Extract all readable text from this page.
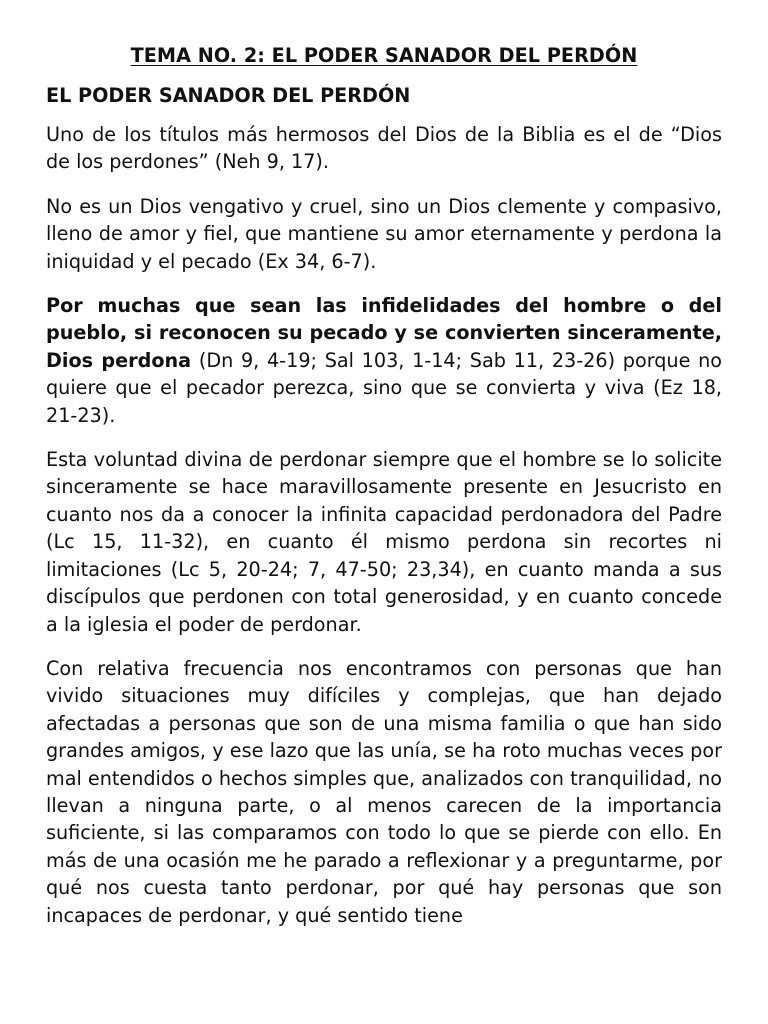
TEMA NO. 2: EL PODER SANADOR DEL PERDÓN
EL PODER SANADOR DEL PERDÓN

Uno de los títulos más hermosos del Dios de la Biblia es el de “Dios de los perdones” (Neh 9, 17).

No es un Dios vengativo y cruel, sino un Dios clemente y compasivo, lleno de amor y fiel, que mantiene su amor eternamente y perdona la iniquidad y el pecado (Ex 34, 6-7).

Por muchas que sean las infidelidades del hombre o del pueblo, si reconocen su pecado y se convierten sinceramente, Dios perdona (Dn 9, 4-19; Sal 103, 1-14; Sab 11, 23-26) porque no quiere que el pecador perezca, sino que se convierta y viva (Ez 18, 21-23).

Esta voluntad divina de perdonar siempre que el hombre se lo solicite sinceramente se hace maravillosamente presente en Jesucristo en cuanto nos da a conocer la infinita capacidad perdonadora del Padre (Lc 15, 11-32), en cuanto él mismo perdona sin recortes ni limitaciones (Lc 5, 20-24; 7, 47-50; 23,34), en cuanto manda a sus discípulos que perdonen con total generosidad, y en cuanto concede a la iglesia el poder de perdonar.

Con relativa frecuencia nos encontramos con personas que han vivido situaciones muy difíciles y complejas, que han dejado afectadas a personas que son de una misma familia o que han sido grandes amigos, y ese lazo que las unía, se ha roto muchas veces por mal entendidos o hechos simples que, analizados con tranquilidad, no llevan a ninguna parte, o al menos carecen de la importancia suficiente, si las comparamos con todo lo que se pierde con ello. En más de una ocasión me he parado a reflexionar y a preguntarme, por qué nos cuesta tanto perdonar, por qué hay personas que son incapaces de perdonar, y qué sentido tiene
